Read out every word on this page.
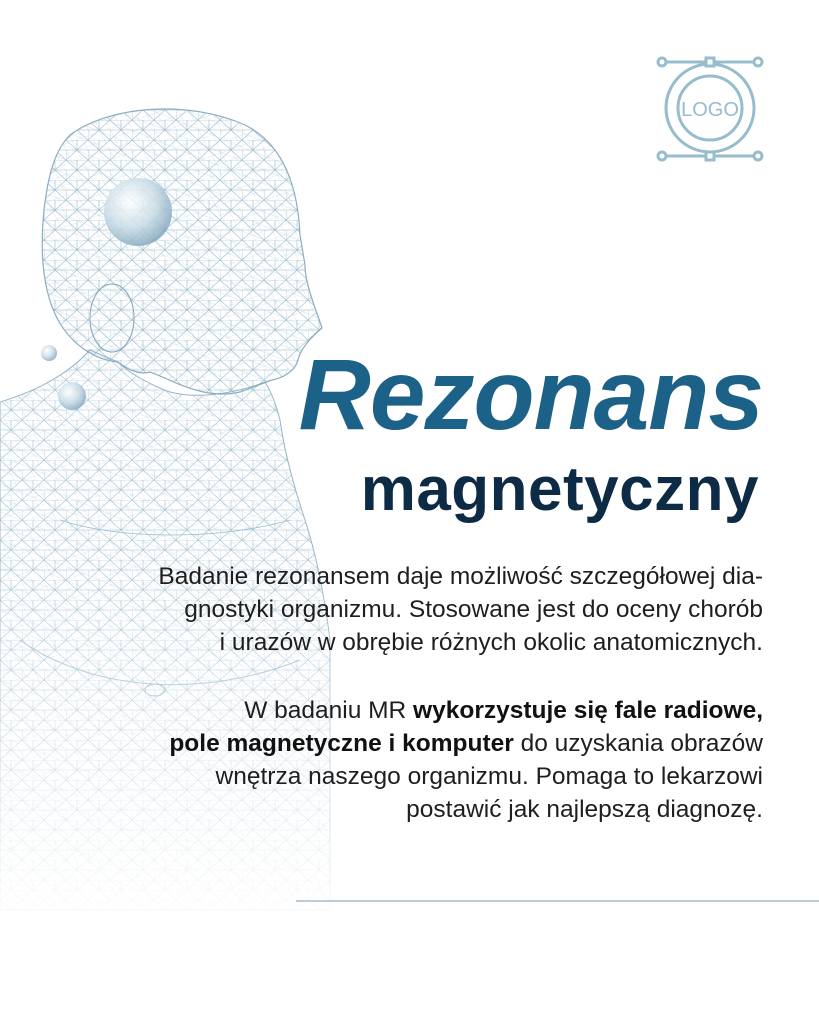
LOGO
Rezonans
magnetyczny

Badanie rezonansem daje możliwość szczegółowej dia-
gnostyki organizmu. Stosowane jest do oceny chorób
i urazów w obrębie różnych okolic anatomicznych.

W badaniu MR wykorzystuje się fale radiowe,
pole magnetyczne i komputer do uzyskania obrazów
wnętrza naszego organizmu. Pomaga to lekarzowi
postawić jak najlepszą diagnozę.
